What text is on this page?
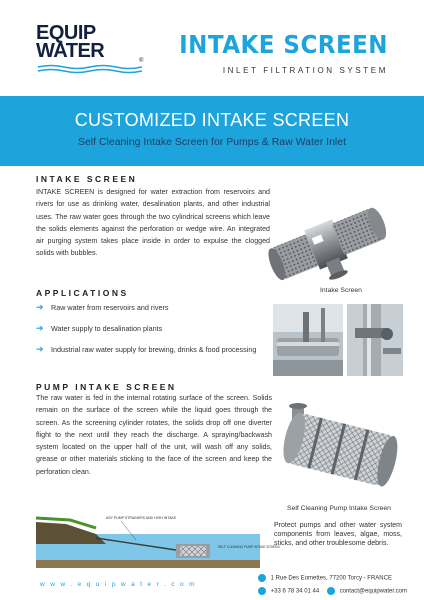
EQUIP
WATER	®
INTAKE SCREEN
INLET FILTRATION SYSTEM
CUSTOMIZED INTAKE SCREEN
Self Cleaning Intake Screen for Pumps & Raw Water Inlet
INTAKE SCREEN
INTAKE SCREEN is designed for water extraction from reservoirs and rivers for use as drinking water, desalination plants, and other industrial uses. The raw water goes through the two cylindrical screens which leave the solids elements against the perforation or wedge wire. An integrated air purging system takes place inside in order to expulse the clogged solids with bubbles.
Intake Screen
APPLICATIONS
➔ Raw water from reservoirs and rivers
➔ Water supply to desalination plants
➔ Industrial raw water supply for brewing, drinks & food processing
PUMP INTAKE SCREEN
The raw water is fed in the internal rotating surface of the screen. Solids remain on the surface of the screen while the liquid goes through the screen. As the screening cylinder rotates, the solids drop off one diverter flight to the next until they reach the discharge. A spraying/backwash system located on the upper half of the unit, will wash off any solids, grease or other materials sticking to the face of the screen and keep the perforation clean.
Self Cleaning Pump Intake Screen
ASY PUMP STRAINERS AND HIGH INTAKE
SELF CLEANING PUMP INTAKE SCREEN
Protect pumps and other water system components from leaves, algae, moss, sticks, and other troublesome debris.
www.equipwater.com
1 Rue Des Eomettes, 77200 Torcy - FRANCE
+33 6 78 34 01 44	contact@equipwater.com
